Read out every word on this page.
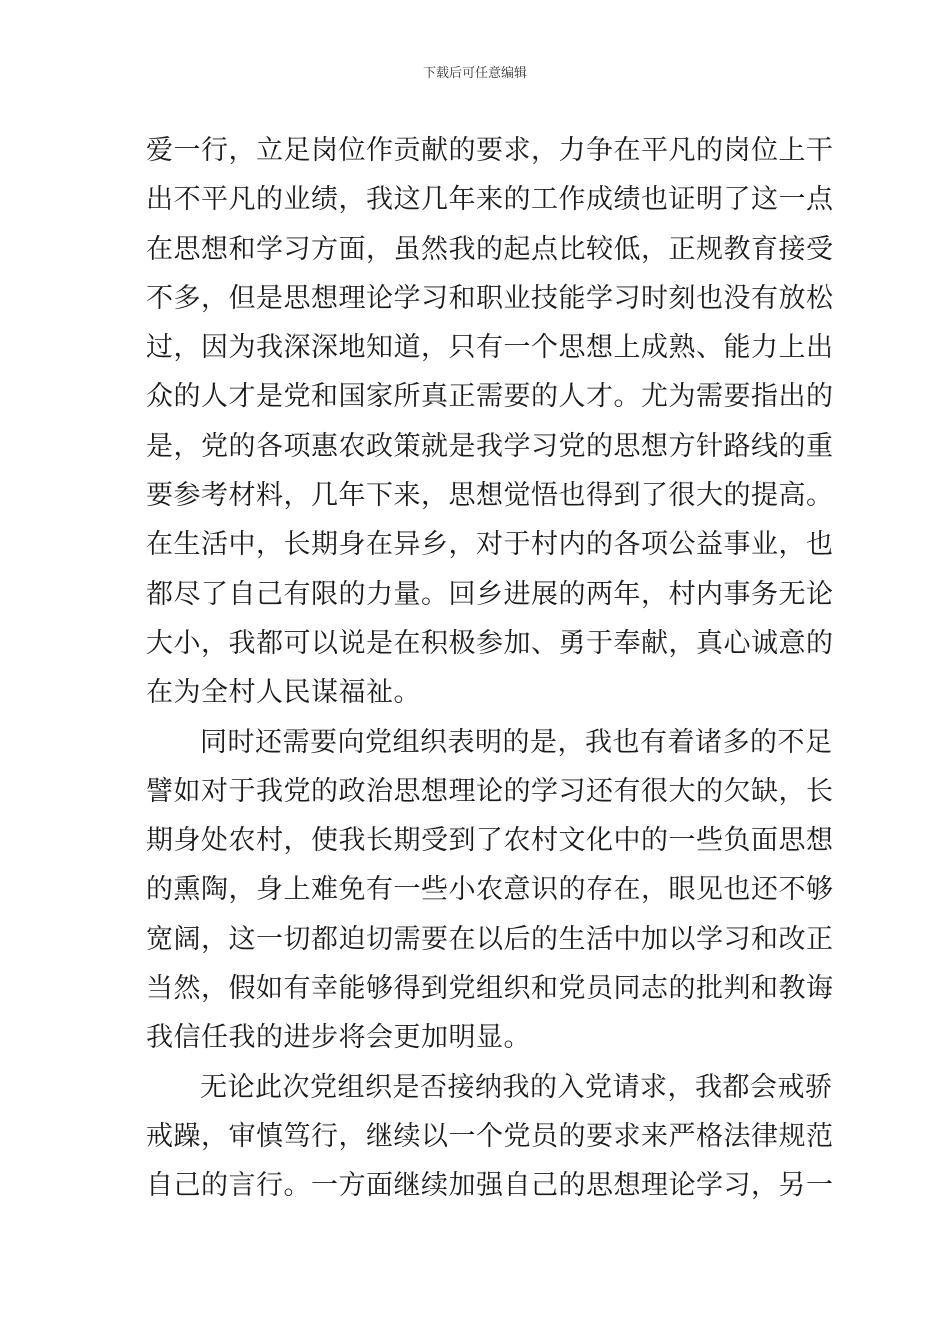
下载后可任意编辑
爱一行，立足岗位作贡献的要求，力争在平凡的岗位上干
出不平凡的业绩，我这几年来的工作成绩也证明了这一点
在思想和学习方面，虽然我的起点比较低，正规教育接受
不多，但是思想理论学习和职业技能学习时刻也没有放松
过，因为我深深地知道，只有一个思想上成熟、能力上出
众的人才是党和国家所真正需要的人才。尤为需要指出的
是，党的各项惠农政策就是我学习党的思想方针路线的重
要参考材料，几年下来，思想觉悟也得到了很大的提高。
在生活中，长期身在异乡，对于村内的各项公益事业，也
都尽了自己有限的力量。回乡进展的两年，村内事务无论
大小，我都可以说是在积极参加、勇于奉献，真心诚意的
在为全村人民谋福祉。
同时还需要向党组织表明的是，我也有着诸多的不足
譬如对于我党的政治思想理论的学习还有很大的欠缺，长
期身处农村，使我长期受到了农村文化中的一些负面思想
的熏陶，身上难免有一些小农意识的存在，眼见也还不够
宽阔，这一切都迫切需要在以后的生活中加以学习和改正
当然，假如有幸能够得到党组织和党员同志的批判和教诲
我信任我的进步将会更加明显。
无论此次党组织是否接纳我的入党请求，我都会戒骄
戒躁，审慎笃行，继续以一个党员的要求来严格法律规范
自己的言行。一方面继续加强自己的思想理论学习，另一
